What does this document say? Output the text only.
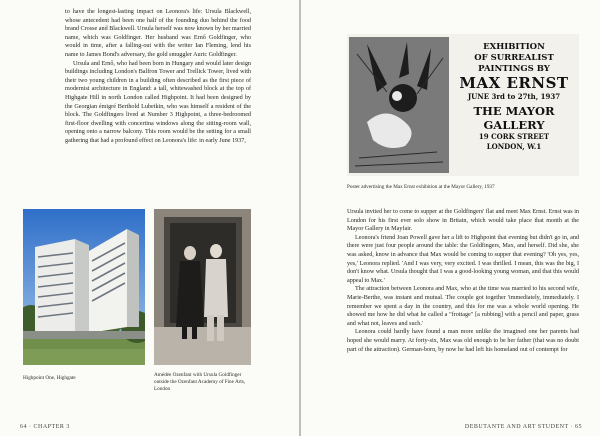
to have the longest-lasting impact on Leonora's life: Ursula Blackwell, whose antecedent had been one half of the founding duo behind the food brand Crosse and Blackwell. Ursula herself was now known by her married name, which was Goldfinger. Her husband was Ernő Goldfinger, who would in time, after a falling-out with the writer Ian Fleming, lend his name to James Bond's adversary, the gold smuggler Auric Goldfinger.

Ursula and Ernő, who had been born in Hungary and would later design buildings including London's Balfron Tower and Trellick Tower, lived with their two young children in a building often described as the first piece of modernist architecture in England: a tall, whitewashed block at the top of Highgate Hill in north London called Highpoint. It had been designed by the Georgian émigré Berthold Lubetkin, who was himself a resident of the block. The Goldfingers lived at Number 3 Highpoint, a three-bedroomed first-floor dwelling with concertina windows along the sitting-room wall, opening onto a narrow balcony. This room would be the setting for a small gathering that had a profound effect on Leonora's life: in early June 1937,

Highpoint One, Highgate	Amédée Ozenfant with Ursula Goldfinger outside the Ozenfant Academy of Fine Arts, London
64 · CHAPTER 3
EXHIBITION
OF SURREALIST
PAINTINGS BY
MAX ERNST
JUNE 3rd to 27th, 1937
THE MAYOR
GALLERY
19 CORK STREET
LONDON, W.1
Poster advertising the Max Ernst exhibition at the Mayor Gallery, 1937

Ursula invited her to come to supper at the Goldfingers' flat and meet Max Ernst. Ernst was in London for his first ever solo show in Britain, which would take place that month at the Mayor Gallery in Mayfair.

Leonora's friend Joan Powell gave her a lift to Highpoint that evening but didn't go in, and there were just four people around the table: the Goldfingers, Max, and herself. Did she, she was asked, know in advance that Max would be coming to supper that evening? 'Oh yes, yes, yes,' Leonora replied. 'And I was very, very excited. I was thrilled. I mean, this was the big, I don't know what. Ursula thought that I was a good-looking young woman, and that this would appeal to Max.'

The attraction between Leonora and Max, who at the time was married to his second wife, Marie-Berthe, was instant and mutual. The couple got together 'immediately, immediately. I remember we spent a day in the country, and this for me was a whole world opening. He showed me how he did what he called a "frottage" [a rubbing] with a pencil and paper, grass and what not, leaves and such.'

Leonora could hardly have found a man more unlike the imagined one her parents had hoped she would marry. At forty-six, Max was old enough to be her father (that was no doubt part of the attraction). German-born, by now he had left his homeland out of contempt for

DEBUTANTE AND ART STUDENT · 65
